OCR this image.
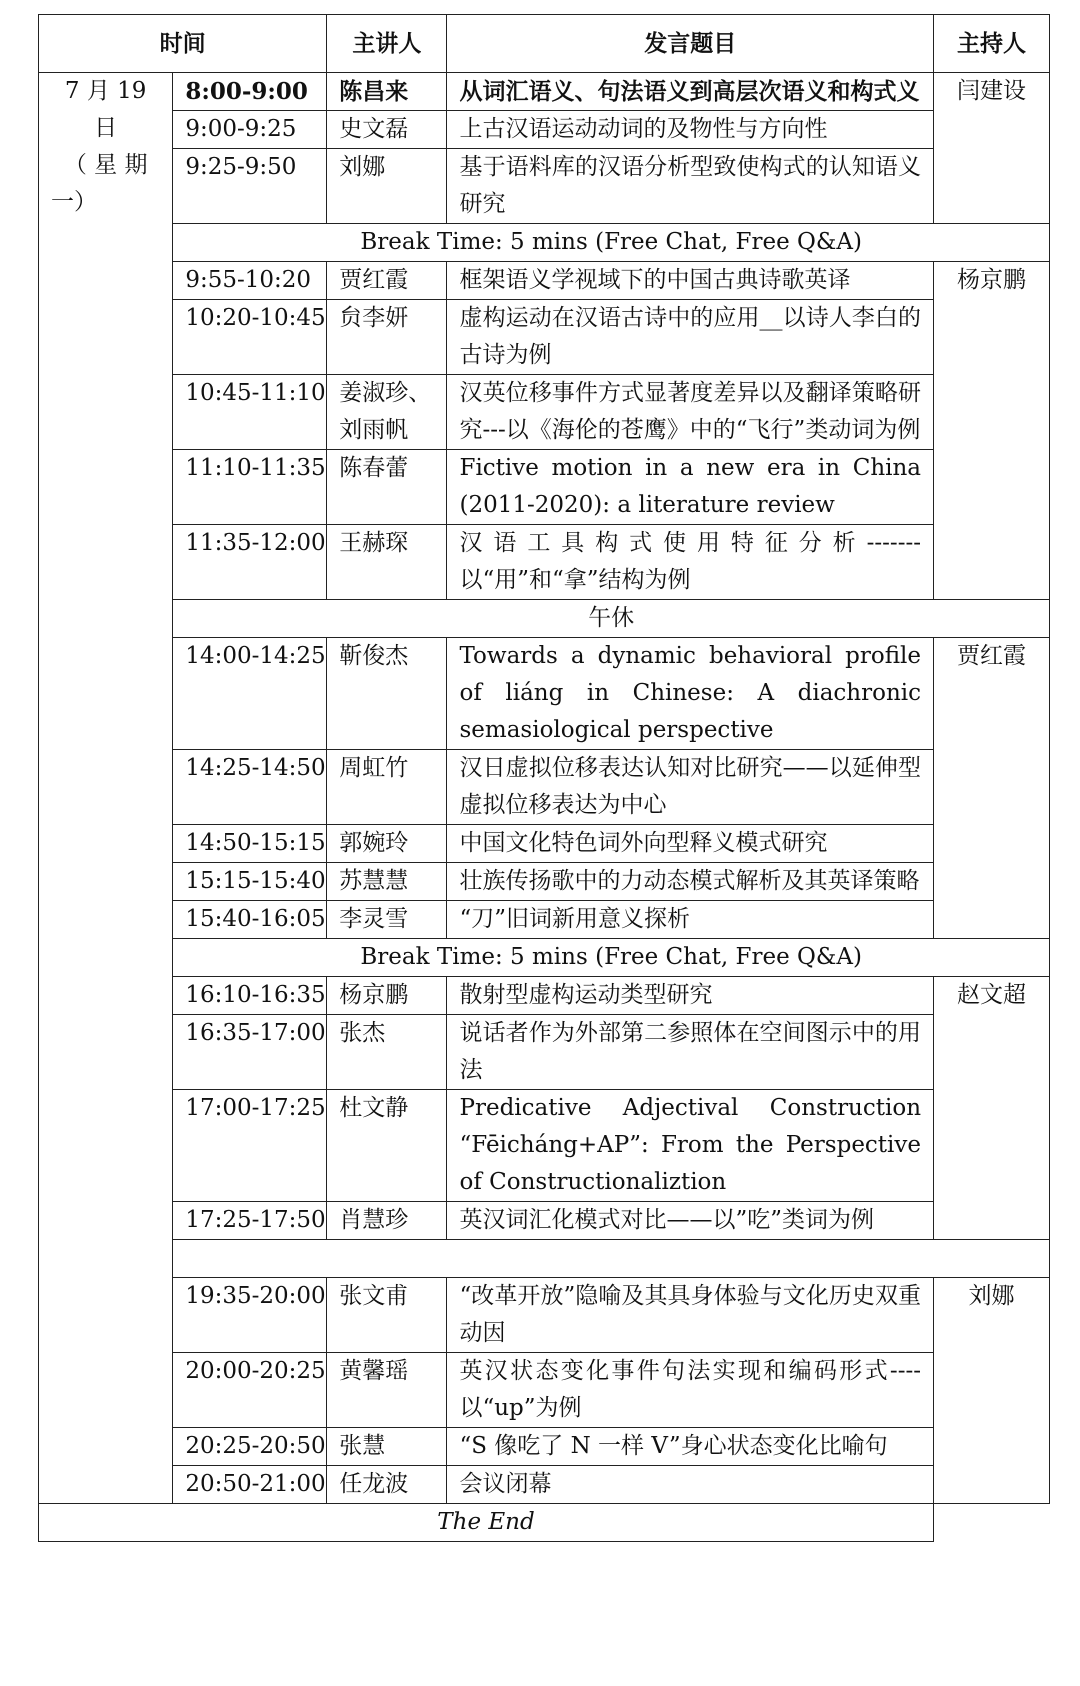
时间		主讲人	发言题目	主持人

7 月 19 日
（ 星 期
一）	8:00-9:00	陈昌来	从词汇语义、句法语义到高层次语义和构式义	闫建设
	9:00-9:25	史文磊	上古汉语运动动词的及物性与方向性	
	9:25-9:50	刘娜	基于语料库的汉语分析型致使构式的认知语义研究	
	Break Time: 5 mins (Free Chat, Free Q&A)			
	9:55-10:20	贾红霞	框架语义学视域下的中国古典诗歌英译	杨京鹏
	10:20-10:45	贠李妍	虚构运动在汉语古诗中的应用__以诗人李白的古诗为例	
	10:45-11:10	姜淑珍、刘雨帆	汉英位移事件方式显著度差异以及翻译策略研究---以《海伦的苍鹰》中的“飞行”类动词为例	
	11:10-11:35	陈春蕾	Fictive motion in a new era in China (2011-2020): a literature review	
	11:35-12:00	王赫琛	汉语工具构式使用特征分析-------以“用”和“拿”结构为例	
	午休			
	14:00-14:25	靳俊杰	Towards a dynamic behavioral profile of liáng in Chinese: A diachronic semasiological perspective	贾红霞
	14:25-14:50	周虹竹	汉日虚拟位移表达认知对比研究——以延伸型虚拟位移表达为中心	
	14:50-15:15	郭婉玲	中国文化特色词外向型释义模式研究	
	15:15-15:40	苏慧慧	壮族传扬歌中的力动态模式解析及其英译策略	
	15:40-16:05	李灵雪	“刀”旧词新用意义探析	
	Break Time: 5 mins (Free Chat, Free Q&A)			
	16:10-16:35	杨京鹏	散射型虚构运动类型研究	赵文超
	16:35-17:00	张杰	说话者作为外部第二参照体在空间图示中的用法	
	17:00-17:25	杜文静	Predicative Adjectival Construction “Fēicháng+AP”: From the Perspective of Constructionaliztion	
	17:25-17:50	肖慧珍	英汉词汇化模式对比——以”吃”类词为例	

	19:35-20:00	张文甫	“改革开放”隐喻及其具身体验与文化历史双重动因	刘娜
	20:00-20:25	黄馨瑶	英汉状态变化事件句法实现和编码形式----以“up”为例	
	20:25-20:50	张慧	“S 像吃了 N 一样 V”身心状态变化比喻句	
	20:50-21:00	任龙波	会议闭幕	
The End				
